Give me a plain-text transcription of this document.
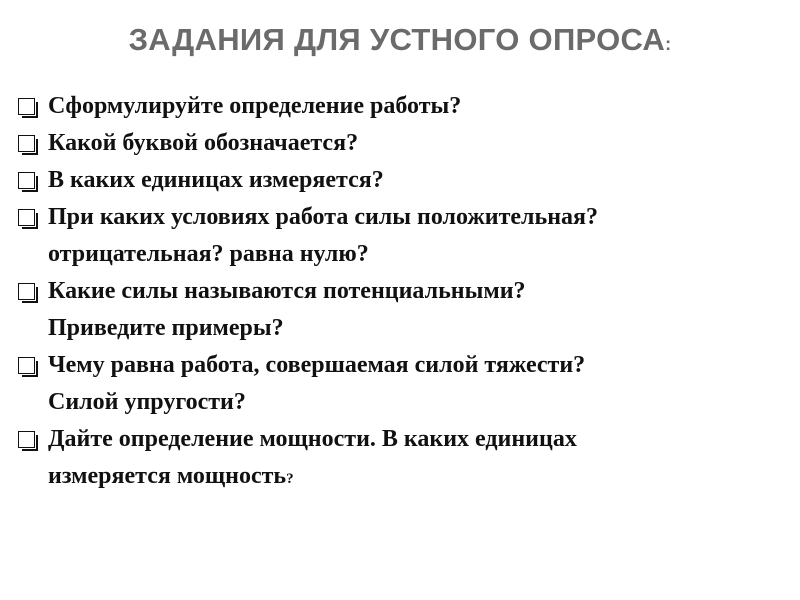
ЗАДАНИЯ ДЛЯ УСТНОГО ОПРОСА:
Сформулируйте определение работы?
Какой буквой обозначается?
В каких единицах измеряется?
При каких условиях работа силы положительная?
отрицательная? равна нулю?
Какие силы называются потенциальными?
Приведите примеры?
Чему равна работа, совершаемая силой тяжести?
Силой упругости?
Дайте определение мощности. В каких единицах
измеряется мощность?
